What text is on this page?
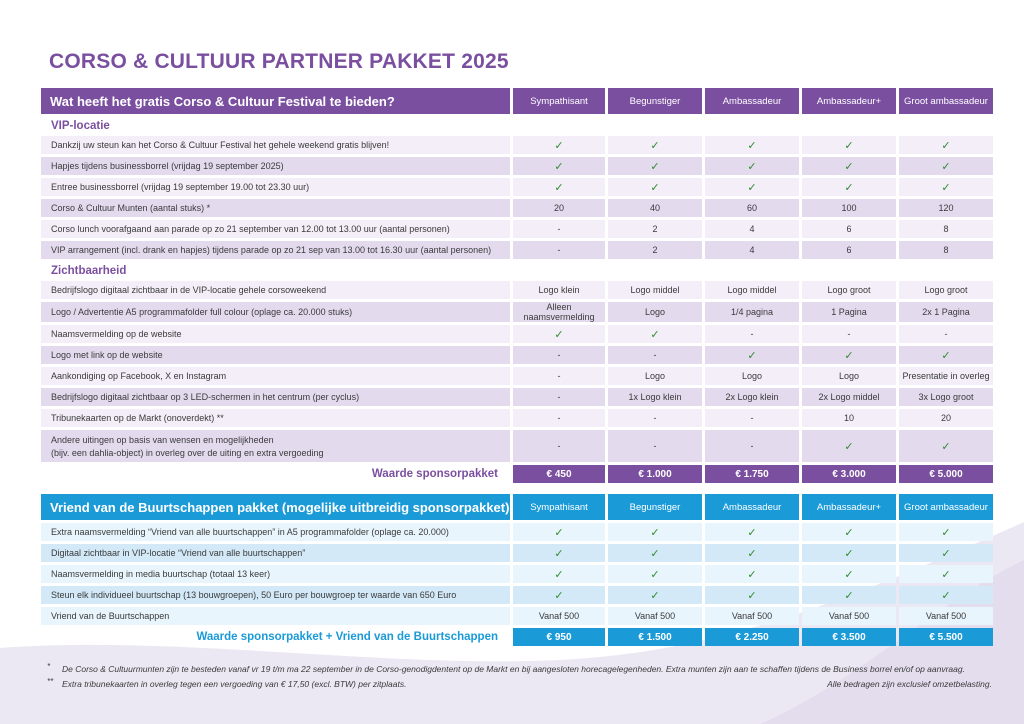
CORSO & CULTUUR PARTNER PAKKET 2025
Wat heeft het gratis Corso & Cultuur Festival te bieden?	Sympathisant	Begunstiger	Ambassadeur	Ambassadeur+	Groot ambassadeur
VIP-locatie					
Dankzij uw steun kan het Corso & Cultuur Festival het gehele weekend gratis blijven!	✓	✓	✓	✓	✓
Hapjes tijdens businessborrel (vrijdag 19 september 2025)	✓	✓	✓	✓	✓
Entree businessborrel (vrijdag 19 september 19.00 tot 23.30 uur)	✓	✓	✓	✓	✓
Corso & Cultuur Munten (aantal stuks) *	20	40	60	100	120
Corso lunch voorafgaand aan parade op zo 21 september van 12.00 tot 13.00 uur (aantal personen)	-	2	4	6	8
VIP arrangement (incl. drank en hapjes) tijdens parade op zo 21 sep van 13.00 tot 16.30 uur (aantal personen)	-	2	4	6	8
Zichtbaarheid					
Bedrijfslogo digitaal zichtbaar in de VIP-locatie gehele corsoweekend	Logo klein	Logo middel	Logo middel	Logo groot	Logo groot
Logo / Advertentie A5 programmafolder full colour (oplage ca. 20.000 stuks)	Alleen naamsvermelding	Logo	1/4 pagina	1 Pagina	2x 1 Pagina
Naamsvermelding op de website	✓	✓	-	-	-
Logo met link op de website	-	-	✓	✓	✓
Aankondiging op Facebook, X en Instagram	-	Logo	Logo	Logo	Presentatie in overleg
Bedrijfslogo digitaal zichtbaar op 3 LED-schermen in het centrum (per cyclus)	-	1x Logo klein	2x Logo klein	2x Logo middel	3x Logo groot
Tribunekaarten op de Markt (onoverdekt) **	-	-	-	10	20

Andere uitingen op basis van wensen en mogelijkheden
(bijv. een dahlia-object) in overleg over de uiting en extra vergoeding	-	-	-	✓	✓
Waarde sponsorpakket	€ 450	€ 1.000	€ 1.750	€ 3.000	€ 5.000
Vriend van de Buurtschappen pakket (mogelijke uitbreidig sponsorpakket)	Sympathisant	Begunstiger	Ambassadeur	Ambassadeur+	Groot ambassadeur
Extra naamsvermelding “Vriend van alle buurtschappen” in A5 programmafolder (oplage ca. 20.000)	✓	✓	✓	✓	✓
Digitaal zichtbaar in VIP-locatie “Vriend van alle buurtschappen”	✓	✓	✓	✓	✓
Naamsvermelding in media buurtschap (totaal 13 keer)	✓	✓	✓	✓	✓
Steun elk individueel buurtschap (13 bouwgroepen), 50 Euro per bouwgroep ter waarde van 650 Euro	✓	✓	✓	✓	✓
Vriend van de Buurtschappen	Vanaf 500	Vanaf 500	Vanaf 500	Vanaf 500	Vanaf 500
Waarde sponsorpakket + Vriend van de Buurtschappen	€ 950	€ 1.500	€ 2.250	€ 3.500	€ 5.500
* De Corso & Cultuurmunten zijn te besteden vanaf vr 19 t/m ma 22 september in de Corso-genodigdentent op de Markt en bij aangesloten horecagelegenheden. Extra munten zijn aan te schaffen tijdens de Business borrel en/of op aanvraag.
** Extra tribunekaarten in overleg tegen een vergoeding van € 17,50 (excl. BTW) per zitplaats.	Alle bedragen zijn exclusief omzetbelasting.
